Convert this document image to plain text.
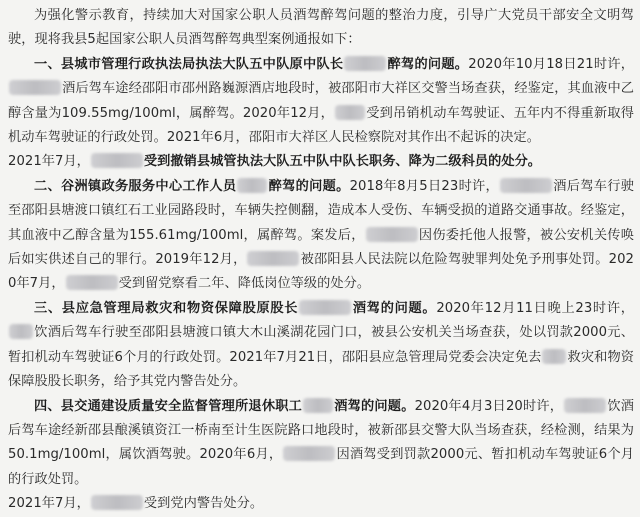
为强化警示教育，持续加大对国家公职人员酒驾醉驾问题的整治力度，引导广大党员干部安全文明驾驶，现将我县5起国家公职人员酒驾醉驾典型案例通报如下：

一、县城市管理行政执法局执法大队五中队原中队长	醉驾的问题。2020年10月18日21时许，酒后驾车途经邵阳市邵州路巍源酒店地段时，被邵阳市大祥区交警当场查获，经鉴定，其血液中乙醇含量为109.55mg/100ml，属醉驾。2020年12月， 受到吊销机动车驾驶证、五年内不得重新取得机动车驾驶证的行政处罚。2021年6月，邵阳市大祥区人民检察院对其作出不起诉的决定。

2021年7月，	受到撤销县城管执法大队五中队中队长职务、降为二级科员的处分。

二、谷洲镇政务服务中心工作人员 醉驾的问题。2018年8月5日23时许，	酒后驾车行驶至邵阳县塘渡口镇红石工业园路段时，车辆失控侧翻，造成本人受伤、车辆受损的道路交通事故。经鉴定，其血液中乙醇含量为155.61mg/100ml，属醉驾。案发后，	因伤委托他人报警，被公安机关传唤后如实供述自己的罪行。2019年12月，	被邵阳县人民法院以危险驾驶罪判处免予刑事处罚。2020年7月，	受到留党察看二年、降低岗位等级的处分。

三、县应急管理局救灾和物资保障股原股长	酒驾的问题。2020年12月11日晚上23时许，饮酒后驾车行驶至邵阳县塘渡口镇大木山溪湖花园门口，被县公安机关当场查获，处以罚款2000元、暂扣机动车驾驶证6个月的行政处罚。2021年7月21日，邵阳县应急管理局党委会决定免去 救灾和物资保障股股长职务，给予其党内警告处分。

四、县交通建设质量安全监督管理所退休职工 酒驾的问题。2020年4月3日20时许，	饮酒后驾车途经新邵县酿溪镇资江一桥南至计生医院路口地段时，被新邵县交警大队当场查获，经检测，结果为50.1mg/100ml，属饮酒驾驶。2020年6月，	因酒驾受到罚款2000元、暂扣机动车驾驶证6个月的行政处罚。

2021年7月，	受到党内警告处分。
